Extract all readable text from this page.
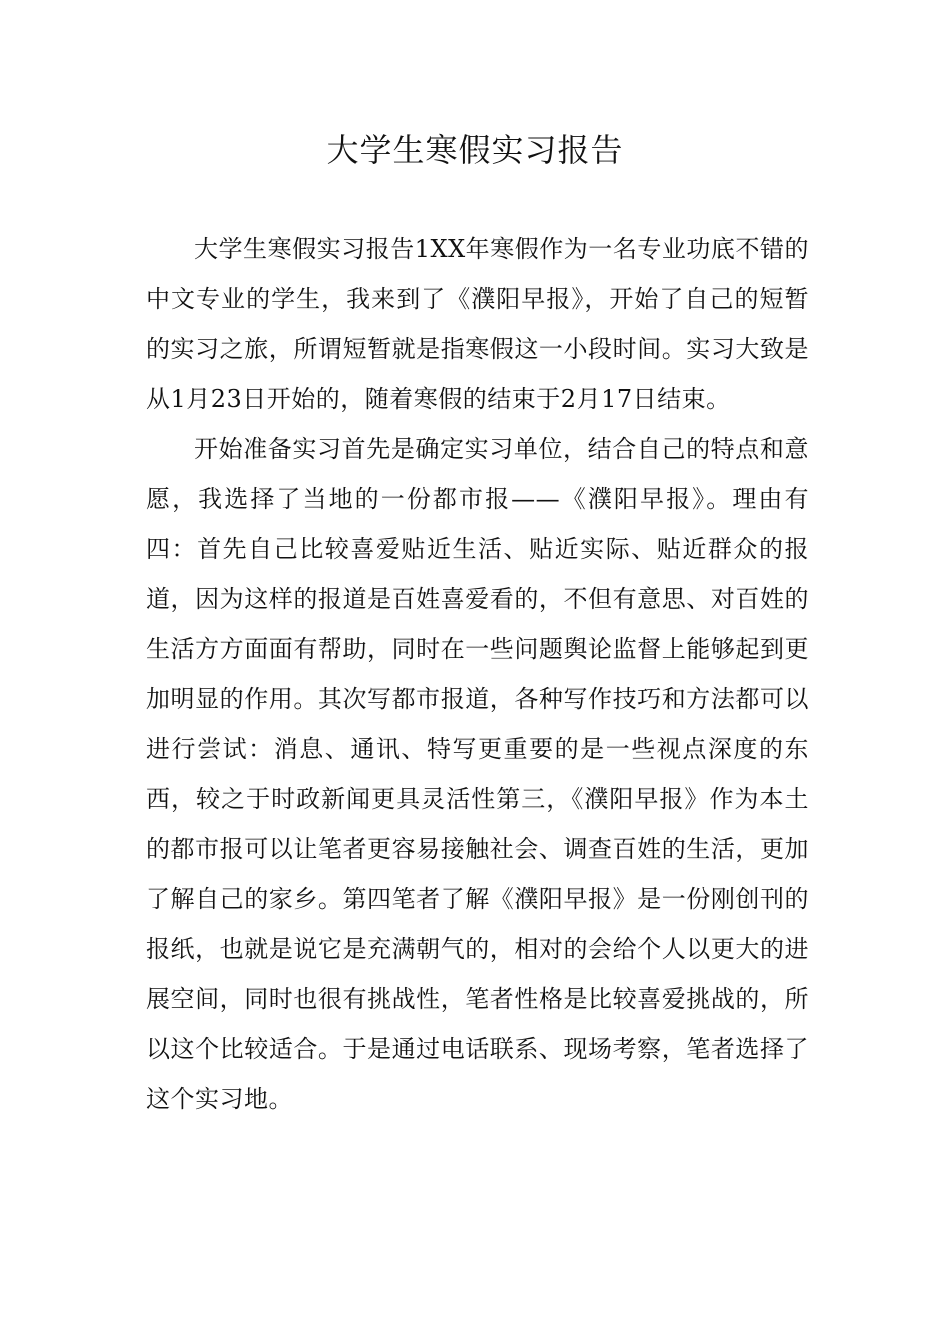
大学生寒假实习报告

大学生寒假实习报告1XX年寒假作为一名专业功底不错的中文专业的学生，我来到了《濮阳早报》，开始了自己的短暂的实习之旅，所谓短暂就是指寒假这一小段时间。实习大致是从1月23日开始的，随着寒假的结束于2月17日结束。

开始准备实习首先是确定实习单位，结合自己的特点和意愿，我选择了当地的一份都市报——《濮阳早报》。理由有四：首先自己比较喜爱贴近生活、贴近实际、贴近群众的报道，因为这样的报道是百姓喜爱看的，不但有意思、对百姓的生活方方面面有帮助，同时在一些问题舆论监督上能够起到更加明显的作用。其次写都市报道，各种写作技巧和方法都可以进行尝试：消息、通讯、特写更重要的是一些视点深度的东西，较之于时政新闻更具灵活性第三，《濮阳早报》作为本土的都市报可以让笔者更容易接触社会、调查百姓的生活，更加了解自己的家乡。第四笔者了解《濮阳早报》是一份刚创刊的报纸，也就是说它是充满朝气的，相对的会给个人以更大的进展空间，同时也很有挑战性，笔者性格是比较喜爱挑战的，所以这个比较适合。于是通过电话联系、现场考察，笔者选择了这个实习地。
